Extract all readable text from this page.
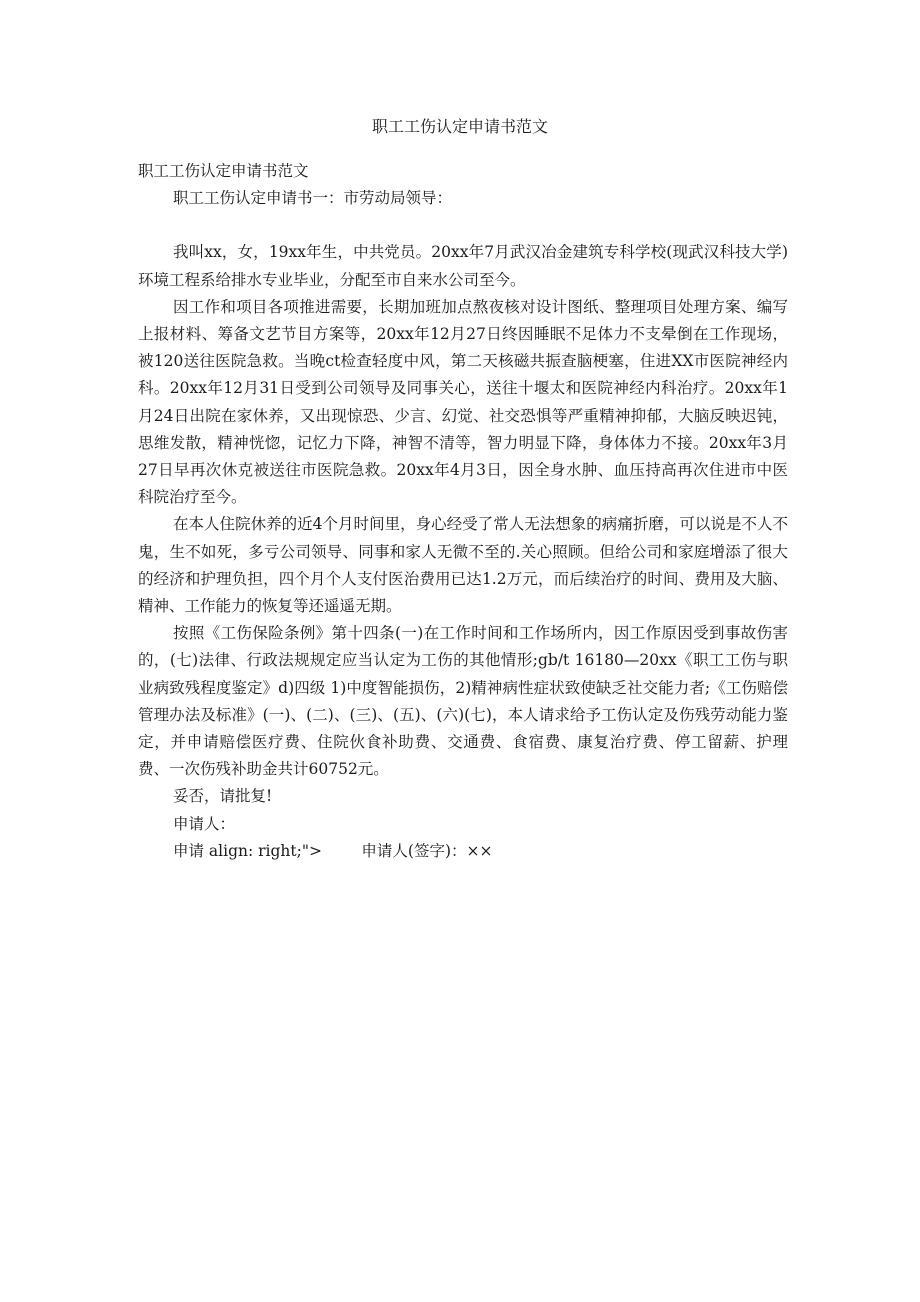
职工工伤认定申请书范文

职工工伤认定申请书范文

职工工伤认定申请书一：市劳动局领导：

我叫xx，女，19xx年生，中共党员。20xx年7月武汉冶金建筑专科学校(现武汉科技大学)环境工程系给排水专业毕业，分配至市自来水公司至今。

因工作和项目各项推进需要，长期加班加点熬夜核对设计图纸、整理项目处理方案、编写上报材料、筹备文艺节目方案等，20xx年12月27日终因睡眠不足体力不支晕倒在工作现场，被120送往医院急救。当晚ct检查轻度中风，第二天核磁共振查脑梗塞，住进XX市医院神经内科。20xx年12月31日受到公司领导及同事关心，送往十堰太和医院神经内科治疗。20xx年1月24日出院在家休养，又出现惊恐、少言、幻觉、社交恐惧等严重精神抑郁，大脑反映迟钝，思维发散，精神恍惚，记忆力下降，神智不清等，智力明显下降，身体体力不接。20xx年3月27日早再次休克被送往市医院急救。20xx年4月3日，因全身水肿、血压持高再次住进市中医科院治疗至今。

在本人住院休养的近4个月时间里，身心经受了常人无法想象的病痛折磨，可以说是不人不鬼，生不如死，多亏公司领导、同事和家人无微不至的.关心照顾。但给公司和家庭增添了很大的经济和护理负担，四个月个人支付医治费用已达1.2万元，而后续治疗的时间、费用及大脑、精神、工作能力的恢复等还遥遥无期。

按照《工伤保险条例》第十四条(一)在工作时间和工作场所内，因工作原因受到事故伤害的，(七)法律、行政法规规定应当认定为工伤的其他情形;gb/t 16180—20xx《职工工伤与职业病致残程度鉴定》d)四级 1)中度智能损伤，2)精神病性症状致使缺乏社交能力者;《工伤赔偿管理办法及标准》(一)、(二)、(三)、(五)、(六)(七)，本人请求给予工伤认定及伤残劳动能力鉴定，并申请赔偿医疗费、住院伙食补助费、交通费、食宿费、康复治疗费、停工留薪、护理费、一次伤残补助金共计60752元。

妥否，请批复!

申请人：

申请 align: right;">        申请人(签字)：××
